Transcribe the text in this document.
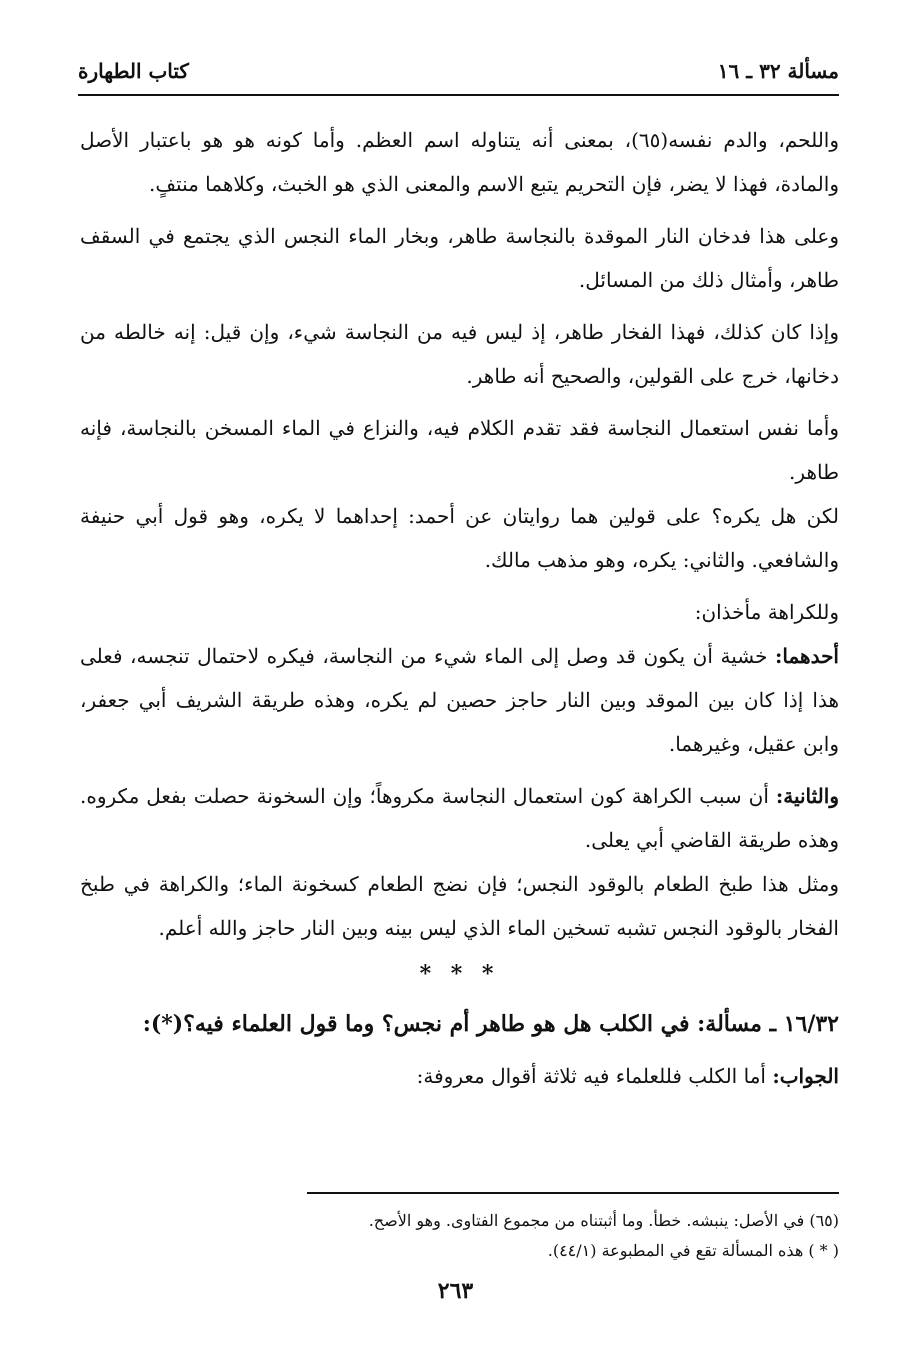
مسألة ٣٢ ـ ١٦
كتاب الطهارة

واللحم، والدم نفسه(٦٥)، بمعنى أنه يتناوله اسم العظم. وأما كونه هو هو باعتبار الأصل والمادة، فهذا لا يضر، فإن التحريم يتبع الاسم والمعنى الذي هو الخبث، وكلاهما منتفٍ.

وعلى هذا فدخان النار الموقدة بالنجاسة طاهر، وبخار الماء النجس الذي يجتمع في السقف طاهر، وأمثال ذلك من المسائل.

وإذا كان كذلك، فهذا الفخار طاهر، إذ ليس فيه من النجاسة شيء، وإن قيل: إنه خالطه من دخانها، خرج على القولين، والصحيح أنه طاهر.

وأما نفس استعمال النجاسة فقد تقدم الكلام فيه، والنزاع في الماء المسخن بالنجاسة، فإنه طاهر.

لكن هل يكره؟ على قولين هما روايتان عن أحمد: إحداهما لا يكره، وهو قول أبي حنيفة والشافعي. والثاني: يكره، وهو مذهب مالك.

وللكراهة مأخذان:

أحدهما: خشية أن يكون قد وصل إلى الماء شيء من النجاسة، فيكره لاحتمال تنجسه، فعلى هذا إذا كان بين الموقد وبين النار حاجز حصين لم يكره، وهذه طريقة الشريف أبي جعفر، وابن عقيل، وغيرهما.

والثانية: أن سبب الكراهة كون استعمال النجاسة مكروهاً؛ وإن السخونة حصلت بفعل مكروه. وهذه طريقة القاضي أبي يعلى.

ومثل هذا طبخ الطعام بالوقود النجس؛ فإن نضج الطعام كسخونة الماء؛ والكراهة في طبخ الفخار بالوقود النجس تشبه تسخين الماء الذي ليس بينه وبين النار حاجز والله أعلم.

* * *
١٦/٣٢ ـ مسألة: في الكلب هل هو طاهر أم نجس؟ وما قول العلماء فيه؟(*):

الجواب: أما الكلب فللعلماء فيه ثلاثة أقوال معروفة:

(٦٥) في الأصل: ينبشه. خطأ. وما أثبتناه من مجموع الفتاوى. وهو الأصح.

( * ) هذه المسألة تقع في المطبوعة (٤٤/١).

٢٦٣
